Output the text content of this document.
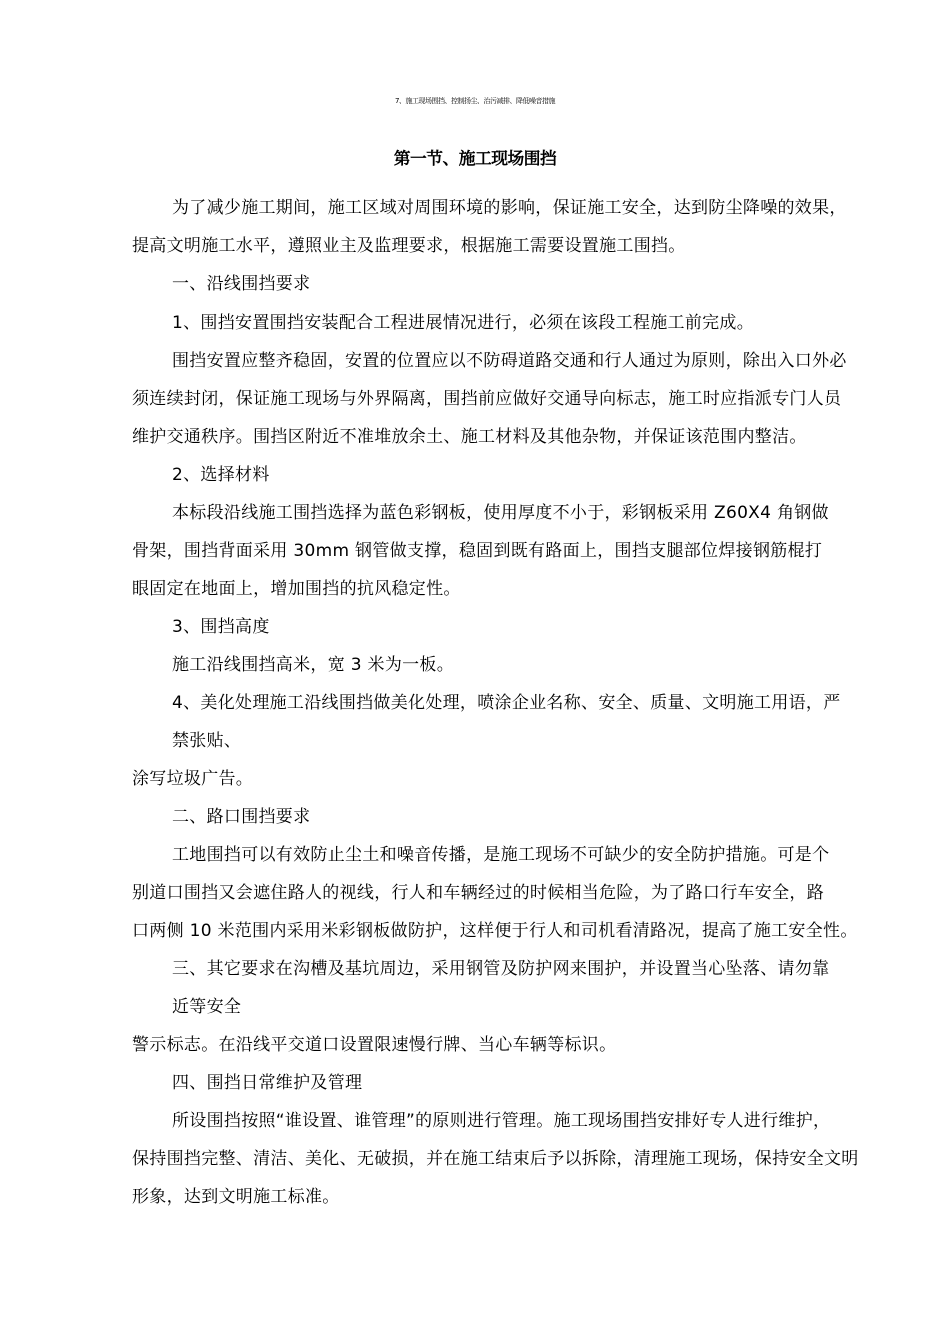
7、施工现场围挡、控制扬尘、治污减排、降低噪音措施
第一节、施工现场围挡
为了减少施工期间，施工区域对周围环境的影响，保证施工安全，达到防尘降噪的效果，
提高文明施工水平，遵照业主及监理要求，根据施工需要设置施工围挡。
一、沿线围挡要求
1、围挡安置围挡安装配合工程进展情况进行，必须在该段工程施工前完成。
围挡安置应整齐稳固，安置的位置应以不防碍道路交通和行人通过为原则，除出入口外必
须连续封闭，保证施工现场与外界隔离，围挡前应做好交通导向标志，施工时应指派专门人员
维护交通秩序。围挡区附近不准堆放余土、施工材料及其他杂物，并保证该范围内整洁。
2、选择材料
本标段沿线施工围挡选择为蓝色彩钢板，使用厚度不小于，彩钢板采用 Z60X4 角钢做
骨架，围挡背面采用 30mm 钢管做支撑，稳固到既有路面上，围挡支腿部位焊接钢筋棍打
眼固定在地面上，增加围挡的抗风稳定性。
3、围挡高度
施工沿线围挡高米，宽 3 米为一板。
4、美化处理施工沿线围挡做美化处理，喷涂企业名称、安全、质量、文明施工用语，严
禁张贴、
涂写垃圾广告。
二、路口围挡要求
工地围挡可以有效防止尘土和噪音传播，是施工现场不可缺少的安全防护措施。可是个
别道口围挡又会遮住路人的视线，行人和车辆经过的时候相当危险，为了路口行车安全，路
口两侧 10 米范围内采用米彩钢板做防护，这样便于行人和司机看清路况，提高了施工安全性。
三、其它要求在沟槽及基坑周边，采用钢管及防护网来围护，并设置当心坠落、请勿靠
近等安全
警示标志。在沿线平交道口设置限速慢行牌、当心车辆等标识。
四、围挡日常维护及管理
所设围挡按照“谁设置、谁管理”的原则进行管理。施工现场围挡安排好专人进行维护，
保持围挡完整、清洁、美化、无破损，并在施工结束后予以拆除，清理施工现场，保持安全文明
形象，达到文明施工标准。
